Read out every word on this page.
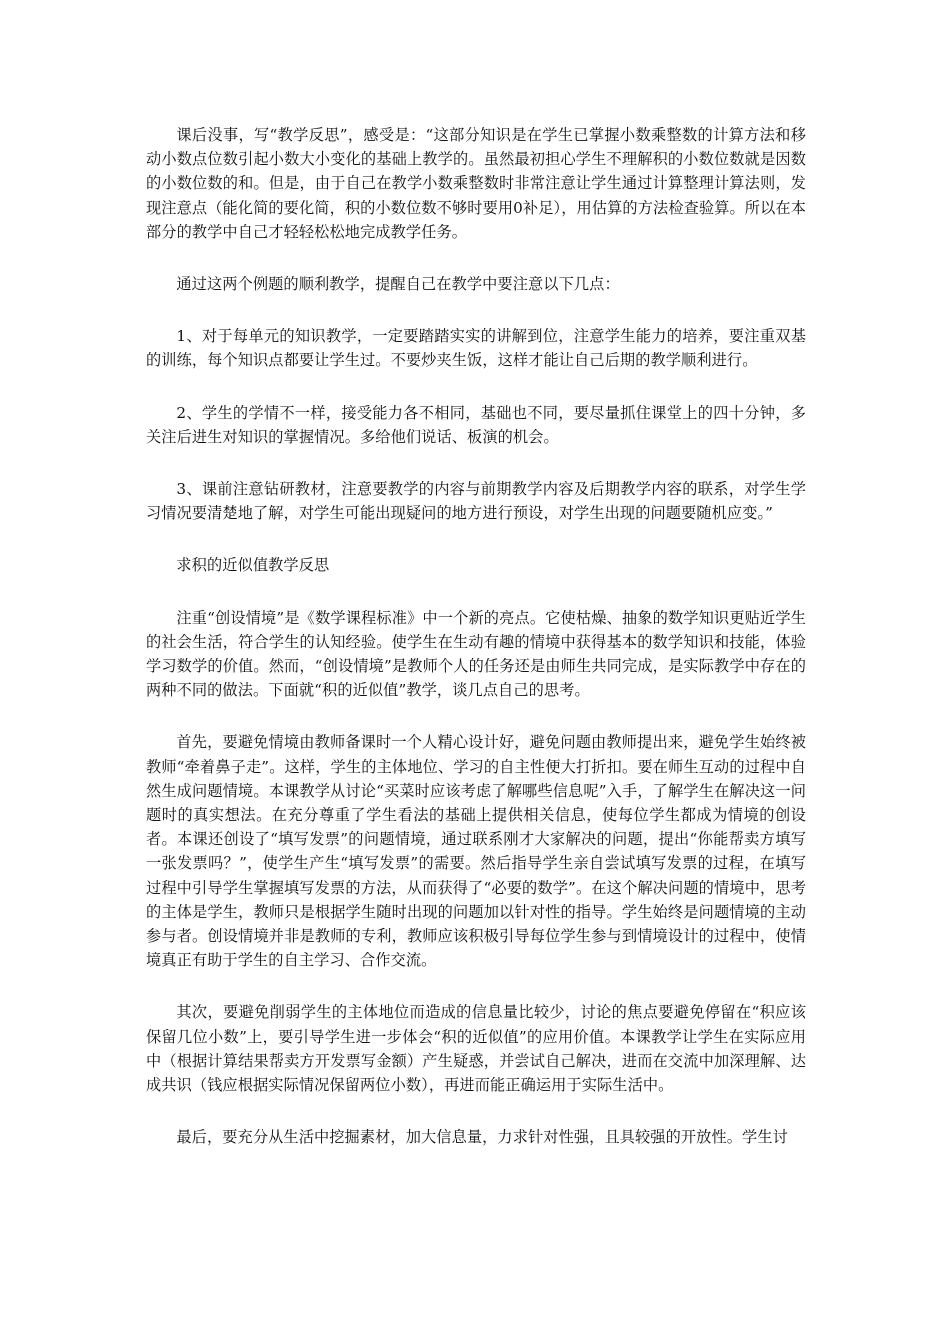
课后没事，写“教学反思”，感受是：“这部分知识是在学生已掌握小数乘整数的计算方法和移动小数点位数引起小数大小变化的基础上教学的。虽然最初担心学生不理解积的小数位数就是因数的小数位数的和。但是，由于自己在教学小数乘整数时非常注意让学生通过计算整理计算法则，发现注意点（能化简的要化简，积的小数位数不够时要用0补足），用估算的方法检查验算。所以在本部分的教学中自己才轻轻松松地完成教学任务。

通过这两个例题的顺利教学，提醒自己在教学中要注意以下几点：

1、对于每单元的知识教学，一定要踏踏实实的讲解到位，注意学生能力的培养，要注重双基的训练，每个知识点都要让学生过。不要炒夹生饭，这样才能让自己后期的教学顺利进行。

2、学生的学情不一样，接受能力各不相同，基础也不同，要尽量抓住课堂上的四十分钟，多关注后进生对知识的掌握情况。多给他们说话、板演的机会。

3、课前注意钻研教材，注意要教学的内容与前期教学内容及后期教学内容的联系，对学生学习情况要清楚地了解，对学生可能出现疑问的地方进行预设，对学生出现的问题要随机应变。”

求积的近似值教学反思

注重“创设情境”是《数学课程标准》中一个新的亮点。它使枯燥、抽象的数学知识更贴近学生的社会生活，符合学生的认知经验。使学生在生动有趣的情境中获得基本的数学知识和技能，体验学习数学的价值。然而，“创设情境”是教师个人的任务还是由师生共同完成，是实际教学中存在的两种不同的做法。下面就“积的近似值”教学，谈几点自己的思考。

首先，要避免情境由教师备课时一个人精心设计好，避免问题由教师提出来，避免学生始终被教师“牵着鼻子走”。这样，学生的主体地位、学习的自主性便大打折扣。要在师生互动的过程中自然生成问题情境。本课教学从讨论“买菜时应该考虑了解哪些信息呢”入手，了解学生在解决这一问题时的真实想法。在充分尊重了学生看法的基础上提供相关信息，使每位学生都成为情境的创设者。本课还创设了“填写发票”的问题情境，通过联系刚才大家解决的问题，提出“你能帮卖方填写一张发票吗？”，使学生产生“填写发票”的需要。然后指导学生亲自尝试填写发票的过程，在填写过程中引导学生掌握填写发票的方法，从而获得了“必要的数学”。在这个解决问题的情境中，思考的主体是学生，教师只是根据学生随时出现的问题加以针对性的指导。学生始终是问题情境的主动参与者。创设情境并非是教师的专利，教师应该积极引导每位学生参与到情境设计的过程中，使情境真正有助于学生的自主学习、合作交流。

其次，要避免削弱学生的主体地位而造成的信息量比较少，讨论的焦点要避免停留在“积应该保留几位小数”上，要引导学生进一步体会“积的近似值”的应用价值。本课教学让学生在实际应用中（根据计算结果帮卖方开发票写金额）产生疑惑，并尝试自己解决，进而在交流中加深理解、达成共识（钱应根据实际情况保留两位小数），再进而能正确运用于实际生活中。

最后，要充分从生活中挖掘素材，加大信息量，力求针对性强，且具较强的开放性。学生讨
